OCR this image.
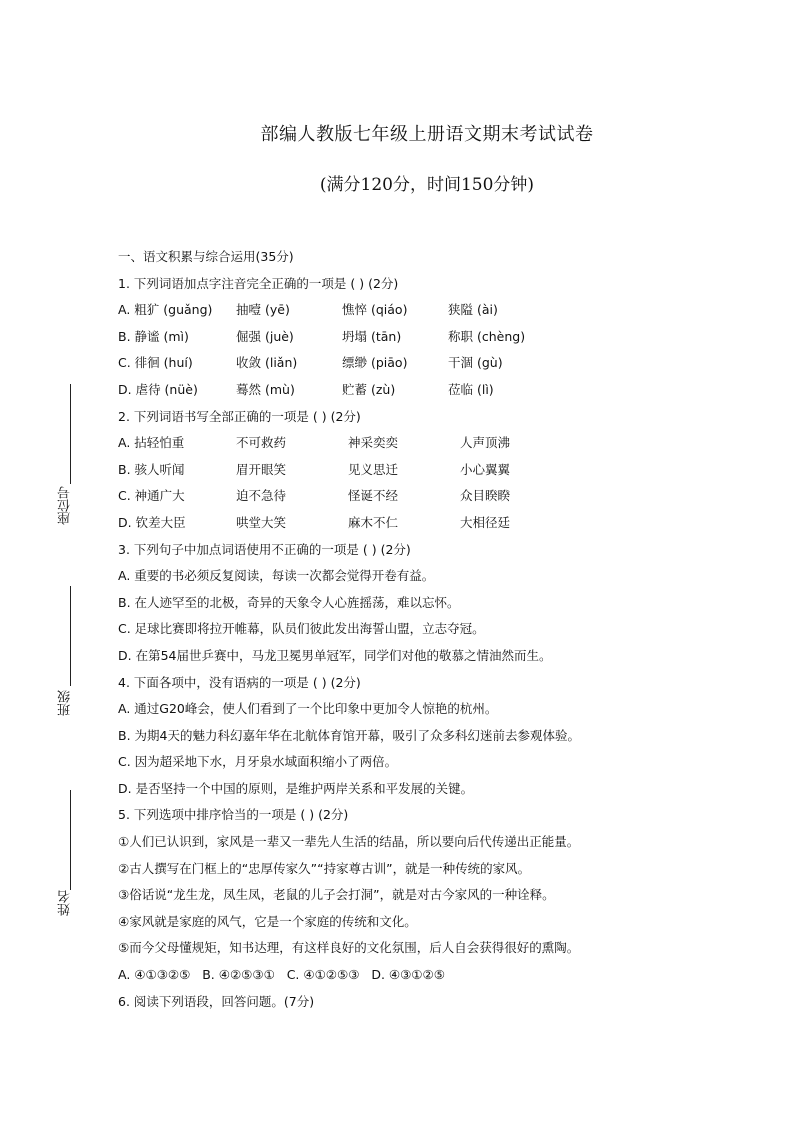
部编人教版七年级上册语文期末考试试卷
(满分120分，时间150分钟)
座位号
班级
姓名
一、语文积累与综合运用(35分)
1. 下列词语加点字注音完全正确的一项是 ( ) (2分)
A. 粗犷 (guǎng)	抽噎 (yē)	憔悴 (qiáo)	狭隘 (ài)
B. 静谧 (mì)	倔强 (juè)	坍塌 (tān)	称职 (chèng)
C. 徘徊 (huí)	收敛 (liǎn)	缥缈 (piāo)	干涸 (gù)
D. 虐待 (nüè)	蓦然 (mù)	贮蓄 (zù)	莅临 (lì)
2. 下列词语书写全部正确的一项是 ( ) (2分)
A. 拈轻怕重	不可救药	神采奕奕	人声顶沸
B. 骇人听闻	眉开眼笑	见义思迁	小心翼翼
C. 神通广大	迫不急待	怪诞不经	众目睽睽
D. 钦差大臣	哄堂大笑	麻木不仁	大相径廷
3. 下列句子中加点词语使用不正确的一项是 ( ) (2分)
A. 重要的书必须反复阅读，每读一次都会觉得开卷有益。
B. 在人迹罕至的北极，奇异的天象令人心旌摇荡，难以忘怀。
C. 足球比赛即将拉开帷幕，队员们彼此发出海誓山盟，立志夺冠。
D. 在第54届世乒赛中，马龙卫冕男单冠军，同学们对他的敬慕之情油然而生。
4. 下面各项中，没有语病的一项是 ( ) (2分)
A. 通过G20峰会，使人们看到了一个比印象中更加令人惊艳的杭州。
B. 为期4天的魅力科幻嘉年华在北航体育馆开幕，吸引了众多科幻迷前去参观体验。
C. 因为超采地下水，月牙泉水域面积缩小了两倍。
D. 是否坚持一个中国的原则，是维护两岸关系和平发展的关键。
5. 下列选项中排序恰当的一项是 ( ) (2分)
①人们已认识到，家风是一辈又一辈先人生活的结晶，所以要向后代传递出正能量。
②古人撰写在门框上的“忠厚传家久”“持家尊古训”，就是一种传统的家风。
③俗话说“龙生龙，凤生凤，老鼠的儿子会打洞”，就是对古今家风的一种诠释。
④家风就是家庭的风气，它是一个家庭的传统和文化。
⑤而今父母懂规矩，知书达理，有这样良好的文化氛围，后人自会获得很好的熏陶。
A. ④①③②⑤   B. ④②⑤③①   C. ④①②⑤③   D. ④③①②⑤
6. 阅读下列语段，回答问题。(7分)
